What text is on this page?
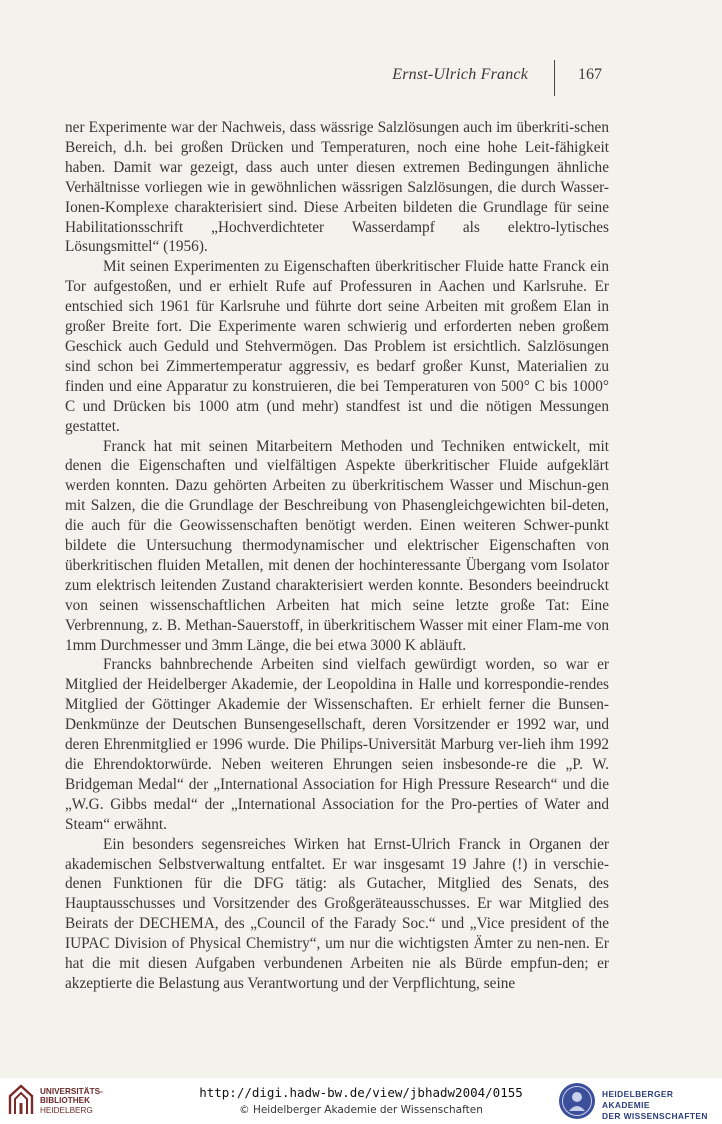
Ernst-Ulrich Franck	167

ner Experimente war der Nachweis, dass wässrige Salzlösungen auch im überkriti-schen Bereich, d.h. bei großen Drücken und Temperaturen, noch eine hohe Leit-fähigkeit haben. Damit war gezeigt, dass auch unter diesen extremen Bedingungen ähnliche Verhältnisse vorliegen wie in gewöhnlichen wässrigen Salzlösungen, die durch Wasser-Ionen-Komplexe charakterisiert sind. Diese Arbeiten bildeten die Grundlage für seine Habilitationsschrift „Hochverdichteter Wasserdampf als elektro-lytisches Lösungsmittel“ (1956).

Mit seinen Experimenten zu Eigenschaften überkritischer Fluide hatte Franck ein Tor aufgestoßen, und er erhielt Rufe auf Professuren in Aachen und Karlsruhe. Er entschied sich 1961 für Karlsruhe und führte dort seine Arbeiten mit großem Elan in großer Breite fort. Die Experimente waren schwierig und erforderten neben großem Geschick auch Geduld und Stehvermögen. Das Problem ist ersichtlich. Salzlösungen sind schon bei Zimmertemperatur aggressiv, es bedarf großer Kunst, Materialien zu finden und eine Apparatur zu konstruieren, die bei Temperaturen von 500° C bis 1000° C und Drücken bis 1000 atm (und mehr) standfest ist und die nötigen Messungen gestattet.

Franck hat mit seinen Mitarbeitern Methoden und Techniken entwickelt, mit denen die Eigenschaften und vielfältigen Aspekte überkritischer Fluide aufgeklärt werden konnten. Dazu gehörten Arbeiten zu überkritischem Wasser und Mischun-gen mit Salzen, die die Grundlage der Beschreibung von Phasengleichgewichten bil-deten, die auch für die Geowissenschaften benötigt werden. Einen weiteren Schwer-punkt bildete die Untersuchung thermodynamischer und elektrischer Eigenschaften von überkritischen fluiden Metallen, mit denen der hochinteressante Übergang vom Isolator zum elektrisch leitenden Zustand charakterisiert werden konnte. Besonders beeindruckt von seinen wissenschaftlichen Arbeiten hat mich seine letzte große Tat: Eine Verbrennung, z. B. Methan-Sauerstoff, in überkritischem Wasser mit einer Flam-me von 1mm Durchmesser und 3mm Länge, die bei etwa 3000 K abläuft.

Francks bahnbrechende Arbeiten sind vielfach gewürdigt worden, so war er Mitglied der Heidelberger Akademie, der Leopoldina in Halle und korrespondie-rendes Mitglied der Göttinger Akademie der Wissenschaften. Er erhielt ferner die Bunsen-Denkmünze der Deutschen Bunsengesellschaft, deren Vorsitzender er 1992 war, und deren Ehrenmitglied er 1996 wurde. Die Philips-Universität Marburg ver-lieh ihm 1992 die Ehrendoktorwürde. Neben weiteren Ehrungen seien insbesonde-re die „P. W. Bridgeman Medal“ der „International Association for High Pressure Research“ und die „W.G. Gibbs medal“ der „International Association for the Pro-perties of Water and Steam“ erwähnt.

Ein besonders segensreiches Wirken hat Ernst-Ulrich Franck in Organen der akademischen Selbstverwaltung entfaltet. Er war insgesamt 19 Jahre (!) in verschie-denen Funktionen für die DFG tätig: als Gutacher, Mitglied des Senats, des Hauptausschusses und Vorsitzender des Großgeräteausschusses. Er war Mitglied des Beirats der DECHEMA, des „Council of the Farady Soc.“ und „Vice president of the IUPAC Division of Physical Chemistry“, um nur die wichtigsten Ämter zu nen-nen. Er hat die mit diesen Aufgaben verbundenen Arbeiten nie als Bürde empfun-den; er akzeptierte die Belastung aus Verantwortung und der Verpflichtung, seine

UNIVERSITÄTS-
BIBLIOTHEK
HEIDELBERG
http://digi.hadw-bw.de/view/jbhadw2004/0155
© Heidelberger Akademie der Wissenschaften
HEIDELBERGER AKADEMIE
DER WISSENSCHAFTEN
